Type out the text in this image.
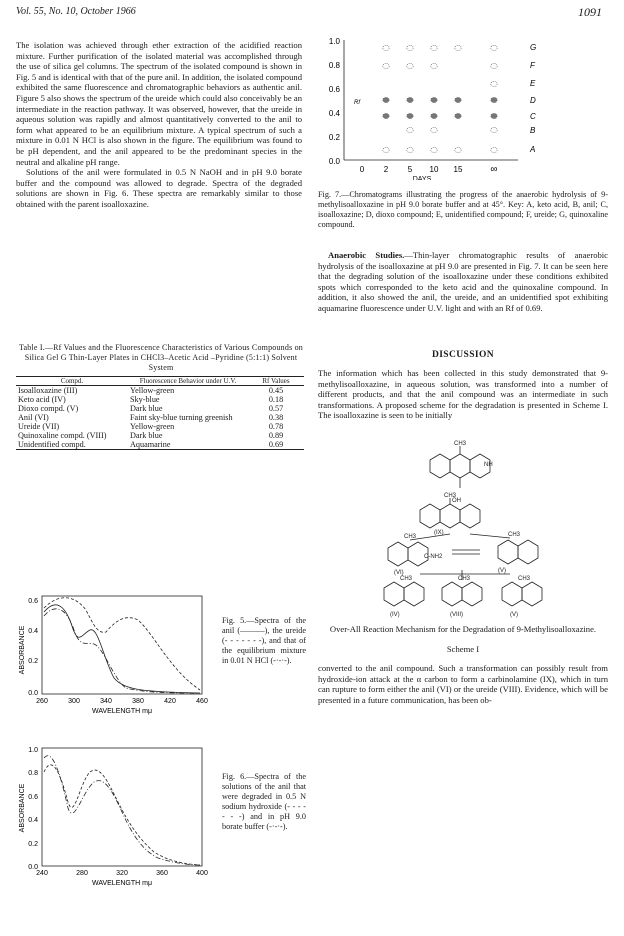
Vol. 55, No. 10, October 1966	1091

The isolation was achieved through ether extraction of the acidified reaction mixture. Further purification of the isolated material was accomplished through the use of silica gel columns. The spectrum of the isolated compound is shown in Fig. 5 and is identical with that of the pure anil. In addition, the isolated compound exhibited the same fluorescence and chromatographic behaviors as authentic anil. Figure 5 also shows the spectrum of the ureide which could also conceivably be an intermediate in the reaction pathway. It was observed, however, that the ureide in aqueous solution was rapidly and almost quantitatively converted to the anil to form what appeared to be an equilibrium mixture. A typical spectrum of such a mixture in 0.01 N HCl is also shown in the figure. The equilibrium was found to be pH dependent, and the anil appeared to be the predominant species in the neutral and alkaline pH range.

Solutions of the anil were formulated in 0.5 N NaOH and in pH 9.0 borate buffer and the compound was allowed to degrade. Spectra of the degraded solutions are shown in Fig. 6. These spectra are remarkably similar to those obtained with the parent isoalloxazine.

Table I.—Rf Values and the Fluorescence Characteristics of Various Compounds on Silica Gel G Thin-Layer Plates in CHCl3–Acetic Acid –Pyridine (5:1:1) Solvent System
Compd.	Fluorescence Behavior under U.V.	Rf Values
Isoalloxazine (III)	Yellow-green	0.45
Keto acid (IV)	Sky-blue	0.18
Dioxo compd. (V)	Dark blue	0.57
Anil (VI)	Faint sky-blue turning greenish	0.38
Ureide (VII)	Yellow-green	0.78
Quinoxaline compd. (VIII)	Dark blue	0.89
Unidentified compd.	Aquamarine	0.69
ABSORBANCE
0.6
0.4
0.2
0.0
260	300	340	380	420	460
WAVELENGTH mμ
Fig. 5.—Spectra of the anil (———), the ureide (- - - - - - -), and that of the equilibrium mixture in 0.01 N HCl (-·-·-).
ABSORBANCE
1.0
0.8
0.6
0.4
0.2
0.0
240	280	320	360	400
WAVELENGTH mμ
Fig. 6.—Spectra of the solutions of the anil that were degraded in 0.5 N sodium hydroxide (- - - - - - -) and in pH 9.0 borate buffer (-·-·-).
1.0
0.8
0.6
0.4
0.2
0.0
Rf
0 2 5 10 15	∞
DAYS
G
F
E
D
C
B
A
Fig. 7.—Chromatograms illustrating the progress of the anaerobic hydrolysis of 9-methylisoalloxazine in pH 9.0 borate buffer and at 45°. Key: A, keto acid, B, anil; C, isoalloxazine; D, dioxo compound; E, unidentified compound; F, ureide; G, quinoxaline compound.

Anaerobic Studies.—Thin-layer chromatographic results of anaerobic hydrolysis of the isoalloxazine at pH 9.0 are presented in Fig. 7. It can be seen here that the degrading solution of the isoalloxazine under these conditions exhibited spots which corresponded to the keto acid and the quinoxaline compound. In addition, it also showed the anil, the ureide, and an unidentified spot exhibiting aquamarine fluorescence under U.V. light and with an Rf of 0.69.

DISCUSSION
The information which has been collected in this study demonstrated that 9-methylisoalloxazine, in aqueous solution, was transformed into a number of different products, and that the anil compound was an intermediate in such transformations. A proposed scheme for the degradation is presented in Scheme I. The isoalloxazine is seen to be initially
CH3
NH
CH3
OH
(IX)
CH3	CH3
C-NH2
(VI)	(V)
CH3	CH3	CH3
(IV)	(VIII)	(V)
Over-All Reaction Mechanism for the Degradation of 9-Methylisoalloxazine.
Scheme I
converted to the anil compound. Such a transformation can possibly result from hydroxide-ion attack at the α carbon to form a carbinolamine (IX), which in turn can rupture to form either the anil (VI) or the ureide (VIII). Evidence, which will be presented in a future communication, has been ob-
